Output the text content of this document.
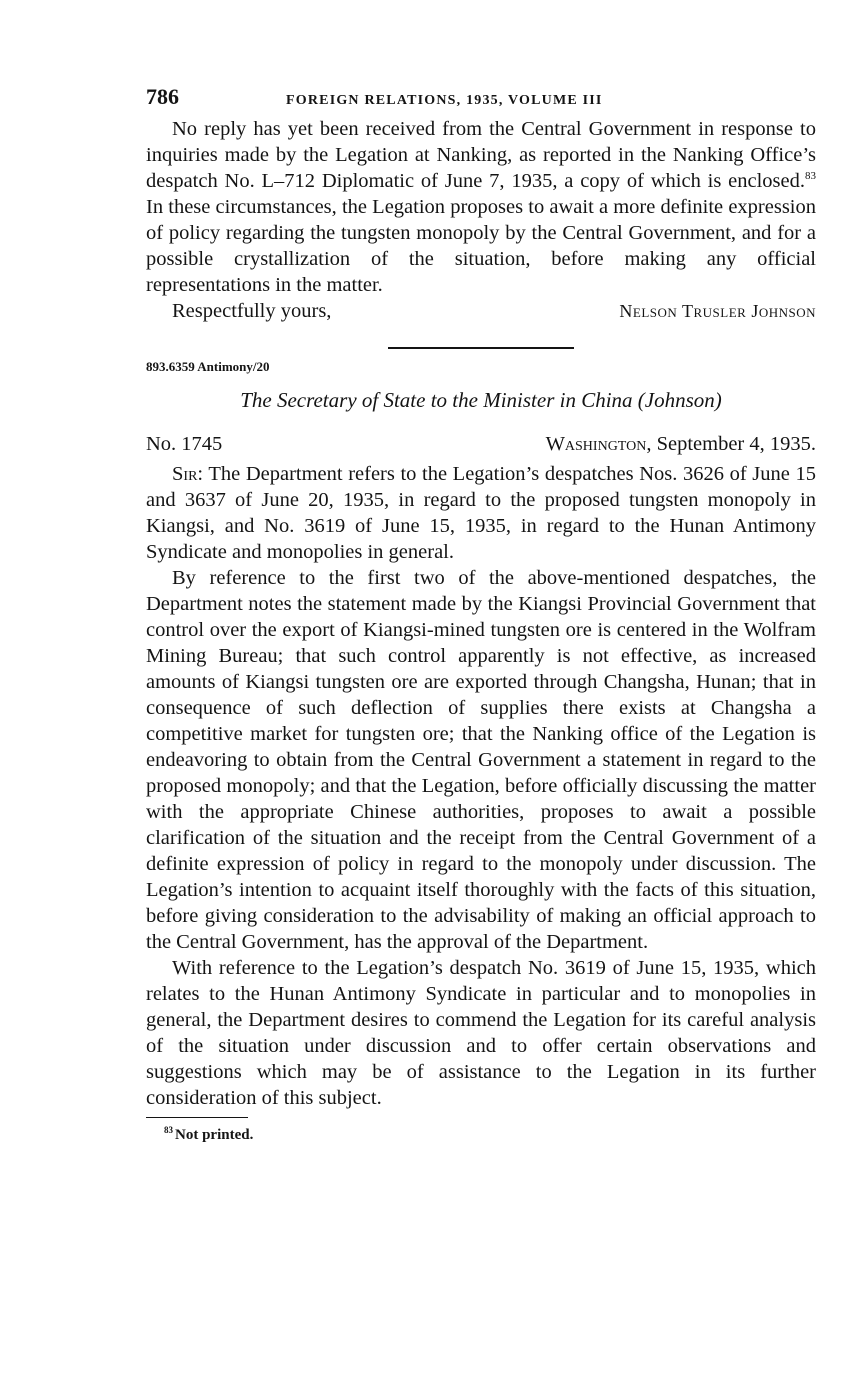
786	FOREIGN RELATIONS, 1935, VOLUME III

No reply has yet been received from the Central Government in response to inquiries made by the Legation at Nanking, as reported in the Nanking Office’s despatch No. L–712 Diplomatic of June 7, 1935, a copy of which is enclosed.$^{83}$ In these circumstances, the Legation proposes to await a more definite expression of policy regarding the tungsten monopoly by the Central Government, and for a possible crystallization of the situation, before making any official representations in the matter.

Respectfully yours,	Nelson Trusler Johnson
893.6359 Antimony/20
The Secretary of State to the Minister in China (Johnson)
No. 1745	Washington, September 4, 1935.

Sir: The Department refers to the Legation’s despatches Nos. 3626 of June 15 and 3637 of June 20, 1935, in regard to the proposed tungsten monopoly in Kiangsi, and No. 3619 of June 15, 1935, in regard to the Hunan Antimony Syndicate and monopolies in general.

By reference to the first two of the above-mentioned despatches, the Department notes the statement made by the Kiangsi Provincial Government that control over the export of Kiangsi-mined tungsten ore is centered in the Wolfram Mining Bureau; that such control apparently is not effective, as increased amounts of Kiangsi tungsten ore are exported through Changsha, Hunan; that in consequence of such deflection of supplies there exists at Changsha a competitive market for tungsten ore; that the Nanking office of the Legation is endeavoring to obtain from the Central Government a statement in regard to the proposed monopoly; and that the Legation, before officially discussing the matter with the appropriate Chinese authorities, proposes to await a possible clarification of the situation and the receipt from the Central Government of a definite expression of policy in regard to the monopoly under discussion. The Legation’s intention to acquaint itself thoroughly with the facts of this situation, before giving consideration to the advisability of making an official approach to the Central Government, has the approval of the Department.

With reference to the Legation’s despatch No. 3619 of June 15, 1935, which relates to the Hunan Antimony Syndicate in particular and to monopolies in general, the Department desires to commend the Legation for its careful analysis of the situation under discussion and to offer certain observations and suggestions which may be of assistance to the Legation in its further consideration of this subject.

$^{83}$ Not printed.
